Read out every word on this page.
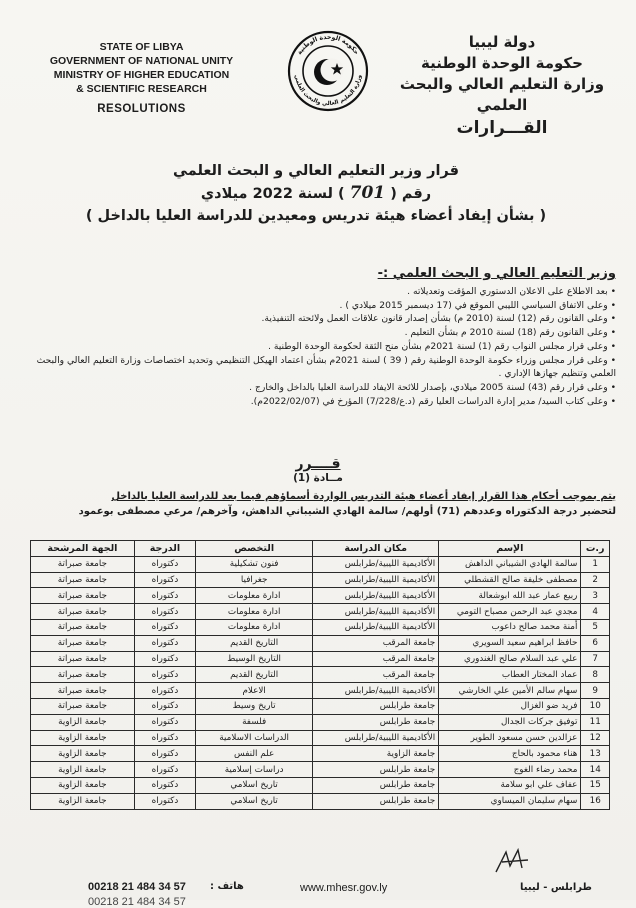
STATE OF LIBYA
GOVERNMENT OF NATIONAL UNITY
MINISTRY OF HIGHER EDUCATION
& SCIENTIFIC RESEARCH
RESOLUTIONS
حكومة الوحدة الوطنية
وزارة التعليم العالي والبحث العلمي
دولة ليبيا
حكومة الوحدة الوطنية
وزارة التعليم العالي والبحث العلمي
القـــرارات
قرار وزير التعليم العالي و البحث العلمي
رقم ( 701 ) لسنة 2022 ميلادي
( بشأن إيفاد أعضاء هيئة تدريس ومعيدين للدراسة العليا بالداخل )
وزير التعليم العالي و البحث العلمي :-
• بعد الاطلاع على الاعلان الدستوري المؤقت وتعديلاته .
• وعلى الاتفاق السياسي الليبي الموقع في (17 ديسمبر 2015 ميلادي ) .
• وعلى القانون رقم (12) لسنة (2010 م) بشأن إصدار قانون علاقات العمل ولائحته التنفيذية.
• وعلى القانون رقم (18) لسنة 2010 م بشأن التعليم .
• وعلى قرار مجلس النواب رقم (1) لسنة 2021م بشأن منح الثقة لحكومة الوحدة الوطنية .
• وعلى قرار مجلس وزراء حكومة الوحدة الوطنية رقم ( 39 ) لسنة 2021م بشأن اعتماد الهيكل التنظيمي وتحديد اختصاصات وزارة التعليم العالي والبحث العلمي وتنظيم جهازها الإداري .
• وعلى قرار رقم (43) لسنة 2005 ميلادي، بإصدار للائحة الايفاد للدراسة العليا بالداخل والخارج .
• وعلى كتاب السيد/ مدير إدارة الدراسات العليا رقم (د.ع/7/228) المؤرخ في (2022/02/07م).
قــــرر
مــادة (1)
يتم بموجب أحكام هذا القرار إيفاد أعضاء هيئة التدريس الواردة أسماؤهم فيما بعد للدراسة العليا بالداخل
لتحضير درجة الدكتوراه وعددهم (71) أولهم/ سالمة الهادي الشيباني الداهش، وآخرهم/ مرعي مصطفى بوعمود
ر.ت	الإسم	مكان الدراسة	التخصص	الدرجة	الجهة المرشحة
1	سالمة الهادي الشيباني الداهش	الأكاديمية الليبية/طرابلس	فنون تشكيلية	دكتوراه	جامعة صبراتة
2	مصطفى خليفة صالح القشطلي	الأكاديمية الليبية/طرابلس	جغرافيا	دكتوراه	جامعة صبراتة
3	ربيع عمار عبد الله ابوشعالة	الأكاديمية الليبية/طرابلس	ادارة معلومات	دكتوراه	جامعة صبراتة
4	مجدي عبد الرحمن مصباح التومي	الأكاديمية الليبية/طرابلس	ادارة معلومات	دكتوراه	جامعة صبراتة
5	أمنة محمد صالح داعوب	الأكاديمية الليبية/طرابلس	ادارة معلومات	دكتوراه	جامعة صبراتة
6	حافظ ابراهيم سعيد السويري	جامعة المرقب	التاريخ القديم	دكتوراه	جامعة صبراتة
7	علي عبد السلام صالح الغندوري	جامعة المرقب	التاريخ الوسيط	دكتوراه	جامعة صبراتة
8	عماد المختار العطاب	جامعة المرقب	التاريخ القديم	دكتوراه	جامعة صبراتة
9	سهام سالم الأمين علي الخارشي	الأكاديمية الليبية/طرابلس	الاعلام	دكتوراه	جامعة صبراتة
10	فريد ضو الغزال	جامعة طرابلس	تاريخ وسيط	دكتوراه	جامعة صبراتة
11	توفيق جركات الجدال	جامعة طرابلس	فلسفة	دكتوراه	جامعة الزاوية
12	عزالدين حسن مسعود الطوير	الأكاديمية الليبية/طرابلس	الدراسات الاسلامية	دكتوراه	جامعة الزاوية
13	هناء محمود بالحاج	جامعة الزاوية	علم النفس	دكتوراه	جامعة الزاوية
14	محمد رضاء الغوج	جامعة طرابلس	دراسات إسلامية	دكتوراه	جامعة الزاوية
15	عفاف علي ابو سلامة	جامعة طرابلس	تاريخ اسلامي	دكتوراه	جامعة الزاوية
16	سهام سليمان الميساوي	جامعة طرابلس	تاريخ اسلامي	دكتوراه	جامعة الزاوية
00218 21 484 34 57 هاتف :	www.mhesr.gov.ly	طرابلس - ليبيا
00218 21 484 34 57
